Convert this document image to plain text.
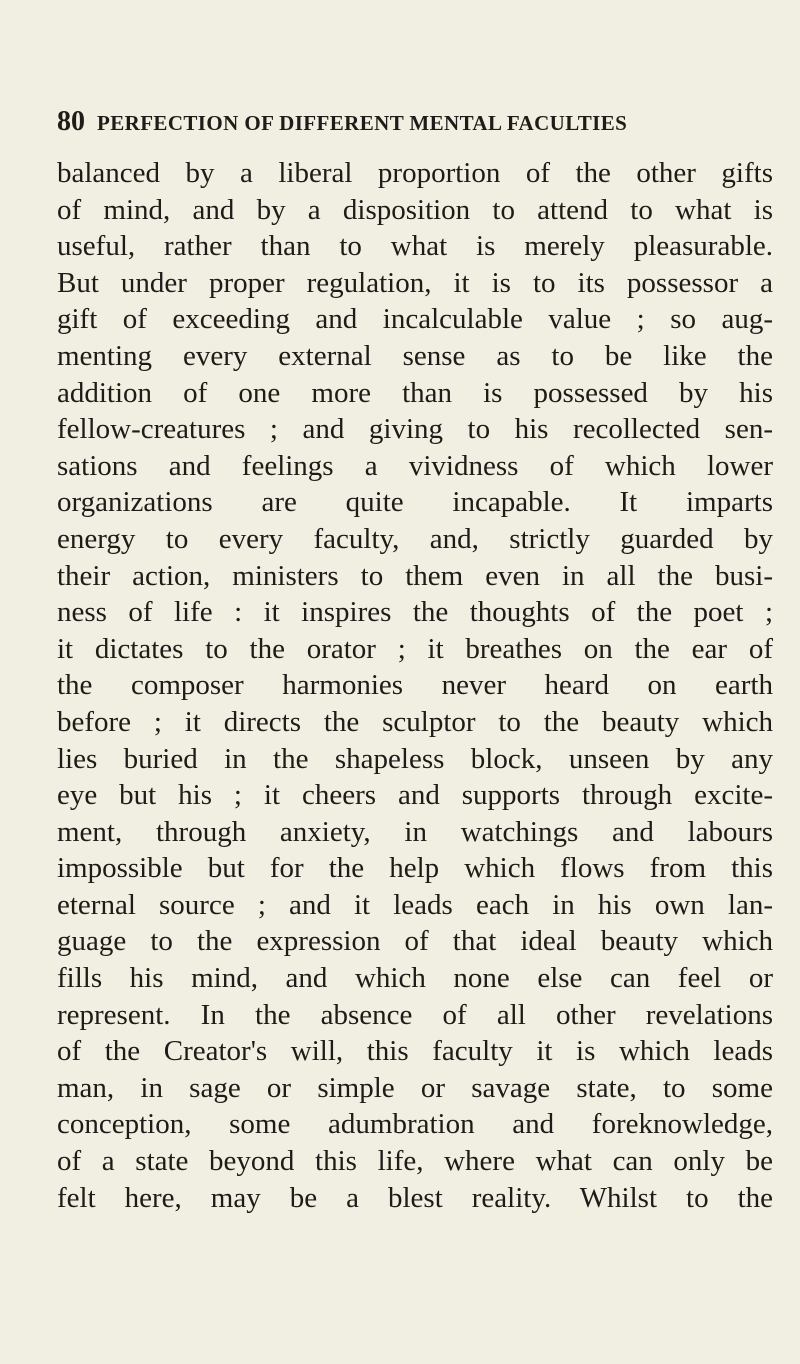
80 PERFECTION OF DIFFERENT MENTAL FACULTIES
balanced by a liberal proportion of the other gifts
of mind, and by a disposition to attend to what is
useful, rather than to what is merely pleasurable.
But under proper regulation, it is to its possessor a
gift of exceeding and incalculable value ; so aug-
menting every external sense as to be like the
addition of one more than is possessed by his
fellow-creatures ; and giving to his recollected sen-
sations and feelings a vividness of which lower
organizations are quite incapable. It imparts
energy to every faculty, and, strictly guarded by
their action, ministers to them even in all the busi-
ness of life : it inspires the thoughts of the poet ;
it dictates to the orator ; it breathes on the ear of
the composer harmonies never heard on earth
before ; it directs the sculptor to the beauty which
lies buried in the shapeless block, unseen by any
eye but his ; it cheers and supports through excite-
ment, through anxiety, in watchings and labours
impossible but for the help which flows from this
eternal source ; and it leads each in his own lan-
guage to the expression of that ideal beauty which
fills his mind, and which none else can feel or
represent. In the absence of all other revelations
of the Creator's will, this faculty it is which leads
man, in sage or simple or savage state, to some
conception, some adumbration and foreknowledge,
of a state beyond this life, where what can only be
felt here, may be a blest reality. Whilst to the
